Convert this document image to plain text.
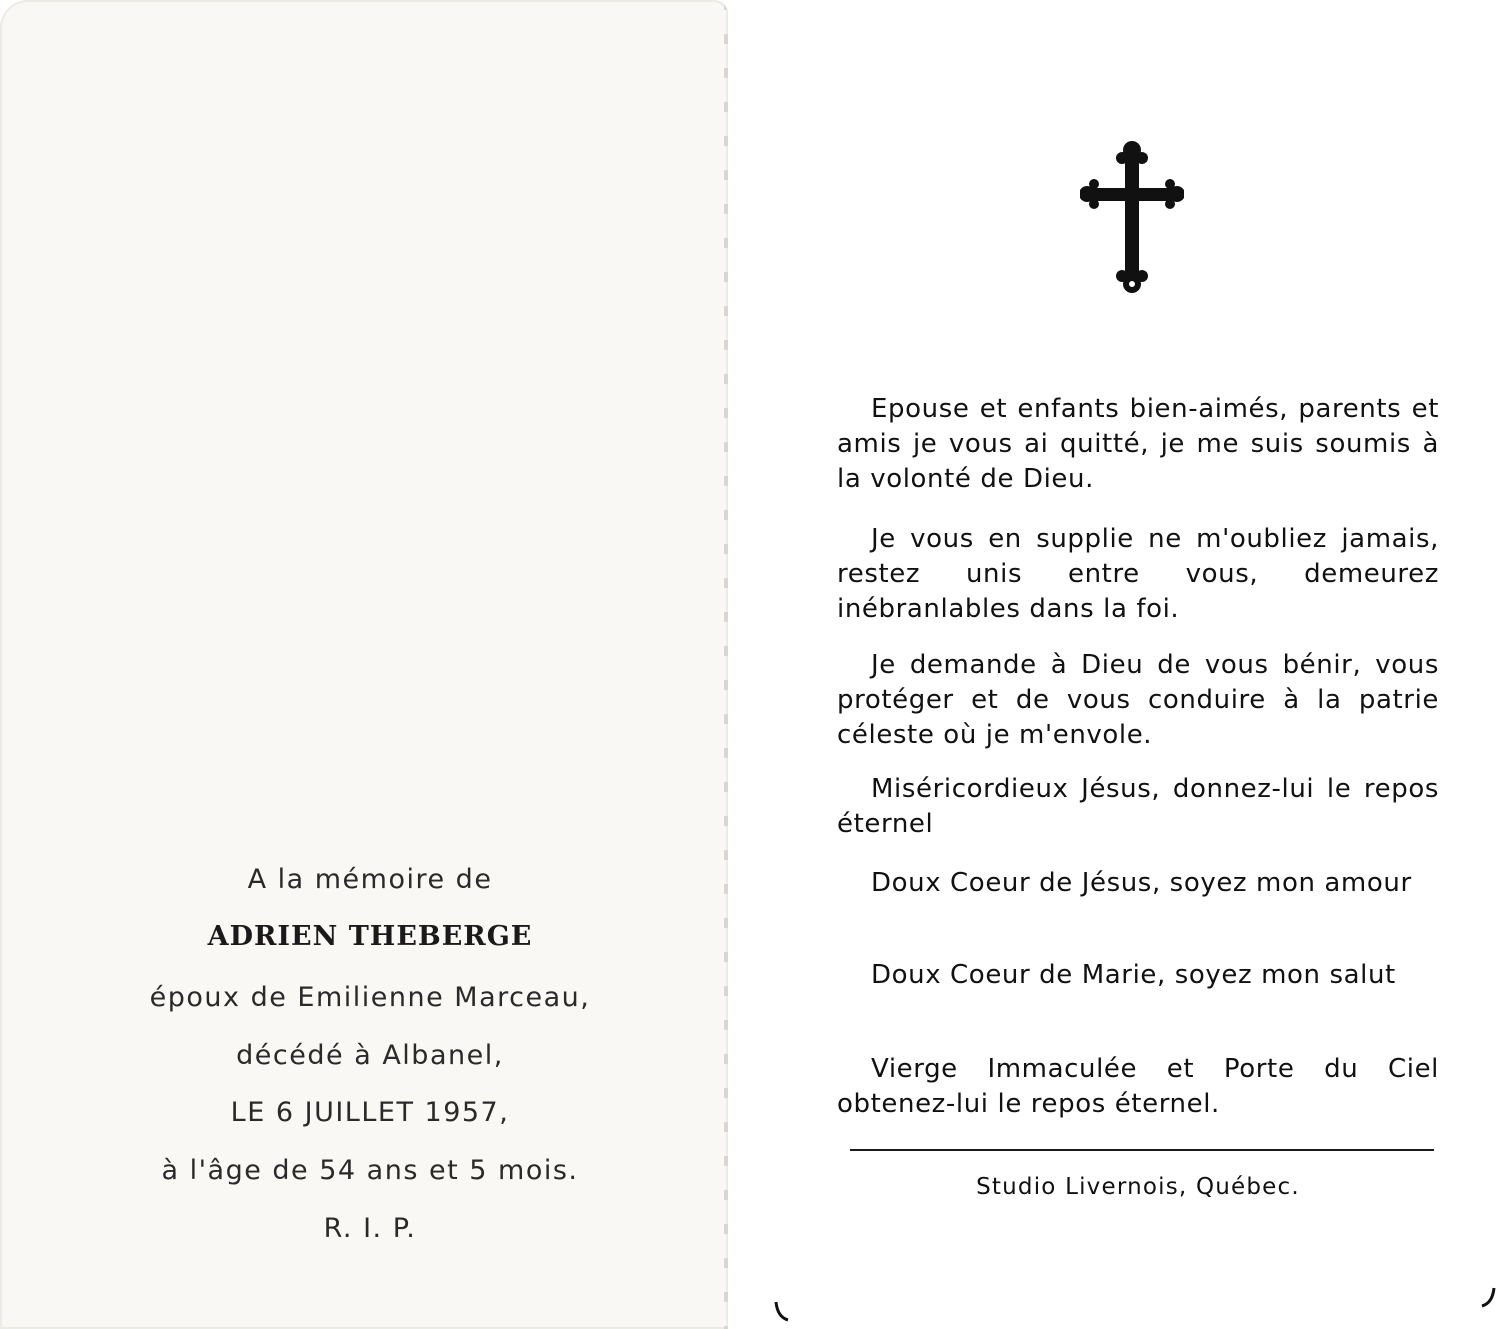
A la mémoire de
ADRIEN THEBERGE
époux de Emilienne Marceau,
décédé à Albanel,
LE 6 JUILLET 1957,
à l'âge de 54 ans et 5 mois.
R. I. P.

Epouse et enfants bien-aimés, parents et amis je vous ai quitté, je me suis soumis à la volonté de Dieu.

Je vous en supplie ne m'oubliez jamais, restez unis entre vous, demeurez inébranlables dans la foi.

Je demande à Dieu de vous bénir, vous protéger et de vous conduire à la patrie céleste où je m'envole.

Miséricordieux Jésus, donnez-lui le repos éternel

Doux Coeur de Jésus, soyez mon amour

Doux Coeur de Marie, soyez mon salut

Vierge Immaculée et Porte du Ciel obtenez-lui le repos éternel.

Studio Livernois, Québec.
